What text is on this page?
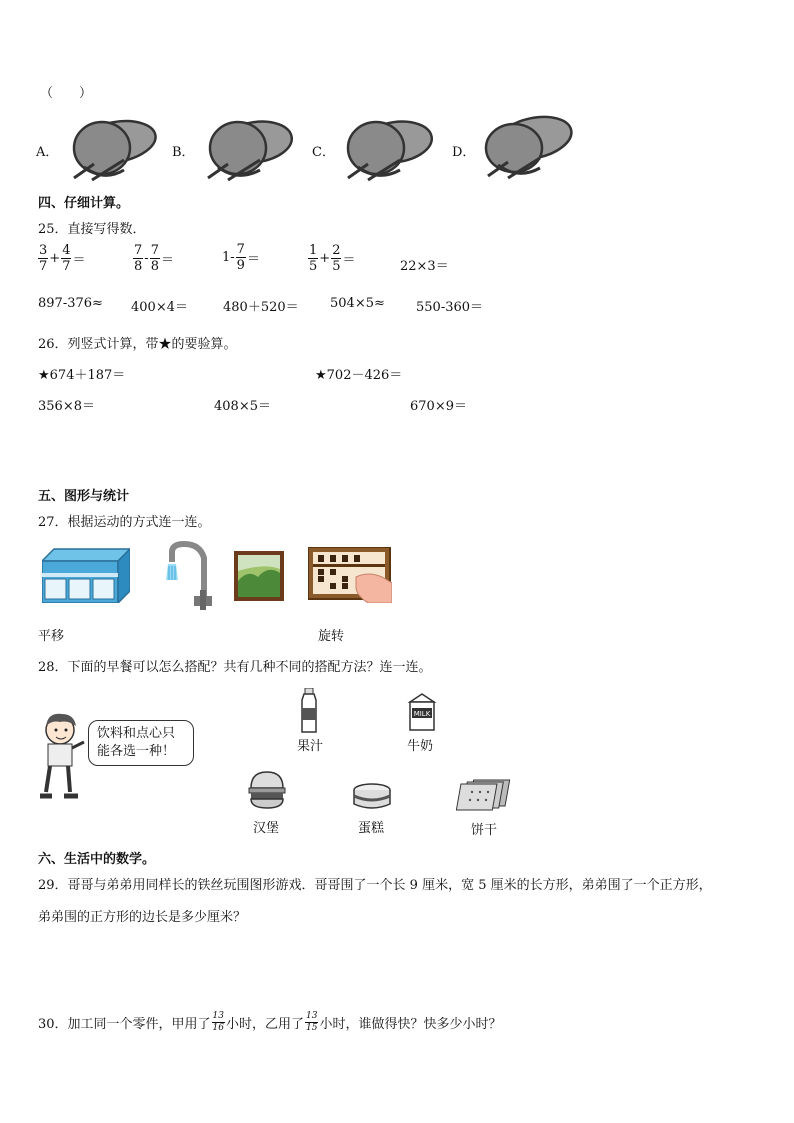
（　　）
A．	B．	C．	D．
四、仔细计算。
25．直接写得数．
$\frac{3}{7} + \frac{4}{7}$ ＝	$\frac{7}{8} - \frac{7}{8}$ ＝	$1- \frac{7}{9}$ ＝	$\frac{1}{5} + \frac{2}{5}$ ＝	22×3＝
897-376≈ 400×4＝	480＋520＝ 504×5≈ 550-360＝
26．列竖式计算，带★的要验算。
★674＋187＝	★702－426＝
356×8＝	408×5＝	670×9＝
五、图形与统计
27．根据运动的方式连一连。
平移	旋转
28．下面的早餐可以怎么搭配？共有几种不同的搭配方法？连一连。
饮料和点心只能各选一种！	果汁
MILK
牛奶
汉堡	蛋糕	饼干
六、生活中的数学。
29．哥哥与弟弟用同样长的铁丝玩围图形游戏．哥哥围了一个长 9 厘米，宽 5 厘米的长方形，弟弟围了一个正方形，
弟弟围的正方形的边长是多少厘米？
30．加工同一个零件，甲用了 $\frac{13}{16}$ 小时，乙用了 $\frac{13}{15}$ 小时，谁做得快？快多少小时？
